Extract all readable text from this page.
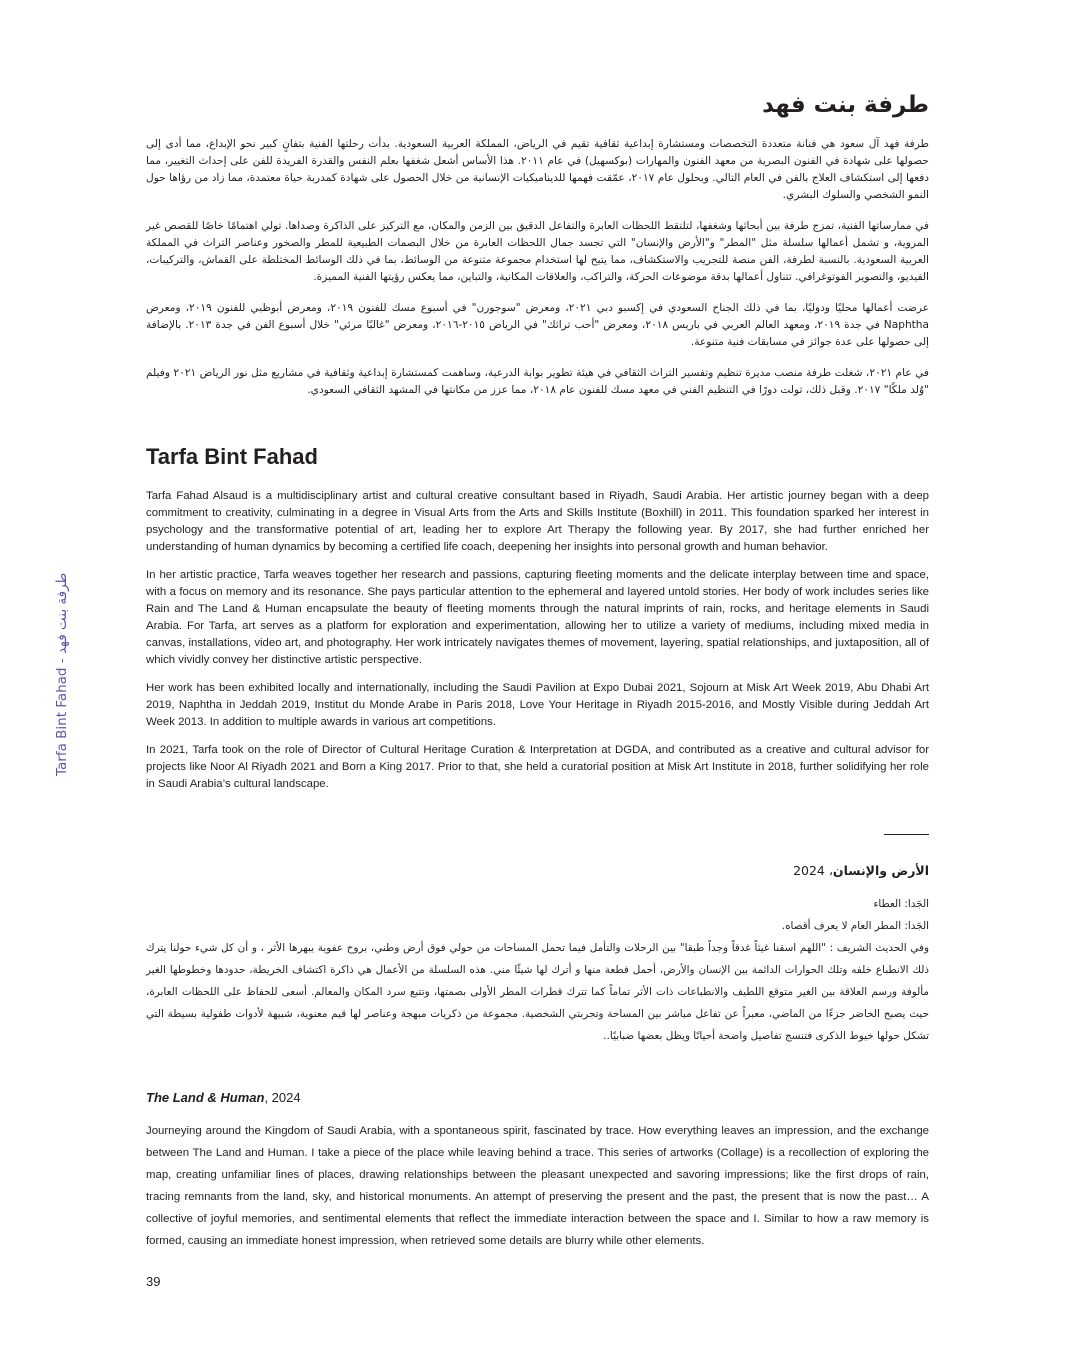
Tarfa Bint Fahad - طرفة بنت فهد
طرفة بنت فهد

طرفة فهد آل سعود هي فنانة متعددة التخصصات ومستشارة إبداعية ثقافية تقيم في الرياض، المملكة العربية السعودية. بدأت رحلتها الفنية بتفانٍ كبير نحو الإبداع، مما أدى إلى حصولها على شهادة في الفنون البصرية من معهد الفنون والمهارات (بوكسهيل) في عام ٢٠١١. هذا الأساس أشعل شغفها بعلم النفس والقدرة الفريدة للفن على إحداث التغيير، مما دفعها إلى استكشاف العلاج بالفن في العام التالي. وبحلول عام ٢٠١٧، عمّقت فهمها للديناميكيات الإنسانية من خلال الحصول على شهادة كمدربة حياة معتمدة، مما زاد من رؤاها حول النمو الشخصي والسلوك البشري.

في ممارساتها الفنية، تمزج طرفة بين أبحاثها وشغفها، لتلتقط اللحظات العابرة والتفاعل الدقيق بين الزمن والمكان، مع التركيز على الذاكرة وصداها. تولي اهتمامًا خاصًا للقصص غير المروية، و تشمل أعمالها سلسلة مثل "المطر" و"الأرض والإنسان" التي تجسد جمال اللحظات العابرة من خلال البصمات الطبيعية للمطر والصخور وعناصر التراث في المملكة العربية السعودية. بالنسبة لطرفة، الفن منصة للتجريب والاستكشاف، مما يتيح لها استخدام مجموعة متنوعة من الوسائط، بما في ذلك الوسائط المختلطة على القماش، والتركيبات، الفيديو، والتصوير الفوتوغرافي. تتناول أعمالها بدقة موضوعات الحركة، والتراكب، والعلاقات المكانية، والتباين، مما يعكس رؤيتها الفنية المميزة.

عرضت أعمالها محليًا ودوليًا، بما في ذلك الجناح السعودي في إكسبو دبي ٢٠٢١، ومعرض "سوجورن" في أسبوع مسك للفنون ٢٠١٩، ومعرض أبوظبي للفنون ٢٠١٩، ومعرض Naphtha في جدة ٢٠١٩، ومعهد العالم العربي في باريس ٢٠١٨، ومعرض "أحب تراثك" في الرياض ٢٠١٥-٢٠١٦، ومعرض "غالبًا مرئي" خلال أسبوع الفن في جدة ٢٠١٣. بالإضافة إلى حصولها على عدة جوائز في مسابقات فنية متنوعة.

في عام ٢٠٢١، شغلت طرفة منصب مديرة تنظيم وتفسير التراث الثقافي في هيئة تطوير بوابة الدرعية، وساهمت كمستشارة إبداعية وثقافية في مشاريع مثل نور الرياض ٢٠٢١ وفيلم "وُلد ملكًا" ٢٠١٧. وقبل ذلك، تولت دورًا في التنظيم الفني في معهد مسك للفنون عام ٢٠١٨، مما عزز من مكانتها في المشهد الثقافي السعودي.

Tarfa Bint Fahad

Tarfa Fahad Alsaud is a multidisciplinary artist and cultural creative consultant based in Riyadh, Saudi Arabia. Her artistic journey began with a deep commitment to creativity, culminating in a degree in Visual Arts from the Arts and Skills Institute (Boxhill) in 2011. This foundation sparked her interest in psychology and the transformative potential of art, leading her to explore Art Therapy the following year. By 2017, she had further enriched her understanding of human dynamics by becoming a certified life coach, deepening her insights into personal growth and human behavior.

In her artistic practice, Tarfa weaves together her research and passions, capturing fleeting moments and the delicate interplay between time and space, with a focus on memory and its resonance. She pays particular attention to the ephemeral and layered untold stories. Her body of work includes series like Rain and The Land & Human encapsulate the beauty of fleeting moments through the natural imprints of rain, rocks, and heritage elements in Saudi Arabia. For Tarfa, art serves as a platform for exploration and experimentation, allowing her to utilize a variety of mediums, including mixed media in canvas, installations, video art, and photography. Her work intricately navigates themes of movement, layering, spatial relationships, and juxtaposition, all of which vividly convey her distinctive artistic perspective.

Her work has been exhibited locally and internationally, including the Saudi Pavilion at Expo Dubai 2021, Sojourn at Misk Art Week 2019, Abu Dhabi Art 2019, Naphtha in Jeddah 2019, Institut du Monde Arabe in Paris 2018, Love Your Heritage in Riyadh 2015-2016, and Mostly Visible during Jeddah Art Week 2013. In addition to multiple awards in various art competitions.

In 2021, Tarfa took on the role of Director of Cultural Heritage Curation & Interpretation at DGDA, and contributed as a creative and cultural advisor for projects like Noor Al Riyadh 2021 and Born a King 2017. Prior to that, she held a curatorial position at Misk Art Institute in 2018, further solidifying her role in Saudi Arabia’s cultural landscape.

الأرض والإنسان، 2024
الجَدا: العطاء
الجَدا: المطر العام لا يعرف أقصاه.

وفي الحديث الشريف : "اللهم اسقنا غيثاً غدقاً وجداً طبقا" بين الرحلات والتأمل فيما تحمل المساحات من حولي فوق أرض وطني، بروح عفوية يبهرها الأثر ، و أن كل شيء حولنا يترك ذلك الانطباع خلفه وتلك الحوارات الدائمة بين الإنسان والأرض، أحمل قطعة منها و أترك لها شيئًا مني. هذه السلسلة من الأعمال هي ذاكرة اكتشاف الخريطة، حدودها وخطوطها الغير مألوفة ورسم العلاقة بين الغير متوقع اللطيف والانطباعات ذات الأثر تماماً كما تترك قطرات المطر الأولى بصمتها، وتتبع سرد المكان والمعالم. أسعى للحفاظ على اللحظات العابرة، حيث يصبح الحاضر جزءًا من الماضي، معبراً عن تفاعل مباشر بين المساحة وتجربتي الشخصية. مجموعة من ذكريات مبهجة وعناصر لها قيم معنوية، شبيهة لأدوات طفولية بسيطة التي تشكل حولها خيوط الذكرى فتنسج تفاصيل واضحة أحيانًا ويظل بعضها ضبابيًا..

The Land & Human, 2024

Journeying around the Kingdom of Saudi Arabia, with a spontaneous spirit, fascinated by trace. How everything leaves an impression, and the exchange between The Land and Human. I take a piece of the place while leaving behind a trace. This series of artworks (Collage) is a recollection of exploring the map, creating unfamiliar lines of places, drawing relationships between the pleasant unexpected and savoring impressions; like the first drops of rain, tracing remnants from the land, sky, and historical monuments. An attempt of preserving the present and the past, the present that is now the past… A collective of joyful memories, and sentimental elements that reflect the immediate interaction between the space and I. Similar to how a raw memory is formed, causing an immediate honest impression, when retrieved some details are blurry while other elements.

39
